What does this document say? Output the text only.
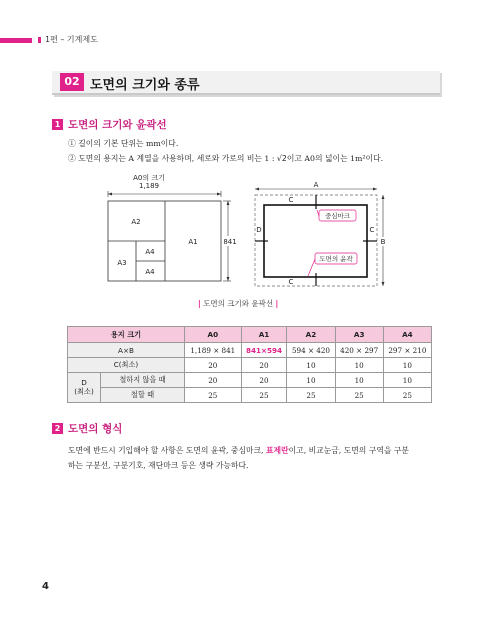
1편 – 기계제도
02 도면의 크기와 종류
1 도면의 크기와 윤곽선
① 길이의 기본 단위는 mm이다.
② 도면의 용지는 A 계열을 사용하며, 세로와 가로의 비는 1 : √2이고 A0의 넓이는 1m²이다.
A0의 크기
1,189
A1
A2
A3
A4
A4
841
A
C
C
D	C
B
중심마크
도면의 윤곽
| 도면의 크기와 윤곽선 |
용지 크기		A0	A1	A2	A3	A4
A×B		1,189 × 841	841×594	594 × 420	420 × 297	297 × 210
C(최소)		20	20	10	10	10
D
(최소)	철하지 않을 때	20	20	10	10	10
	철할 때	25	25	25	25	25
2 도면의 형식
도면에 반드시 기입해야 할 사항은 도면의 윤곽, 중심마크, 표제란이고, 비교눈금, 도면의 구역을 구분
하는 구분선, 구분기호, 재단마크 등은 생략 가능하다.
4
